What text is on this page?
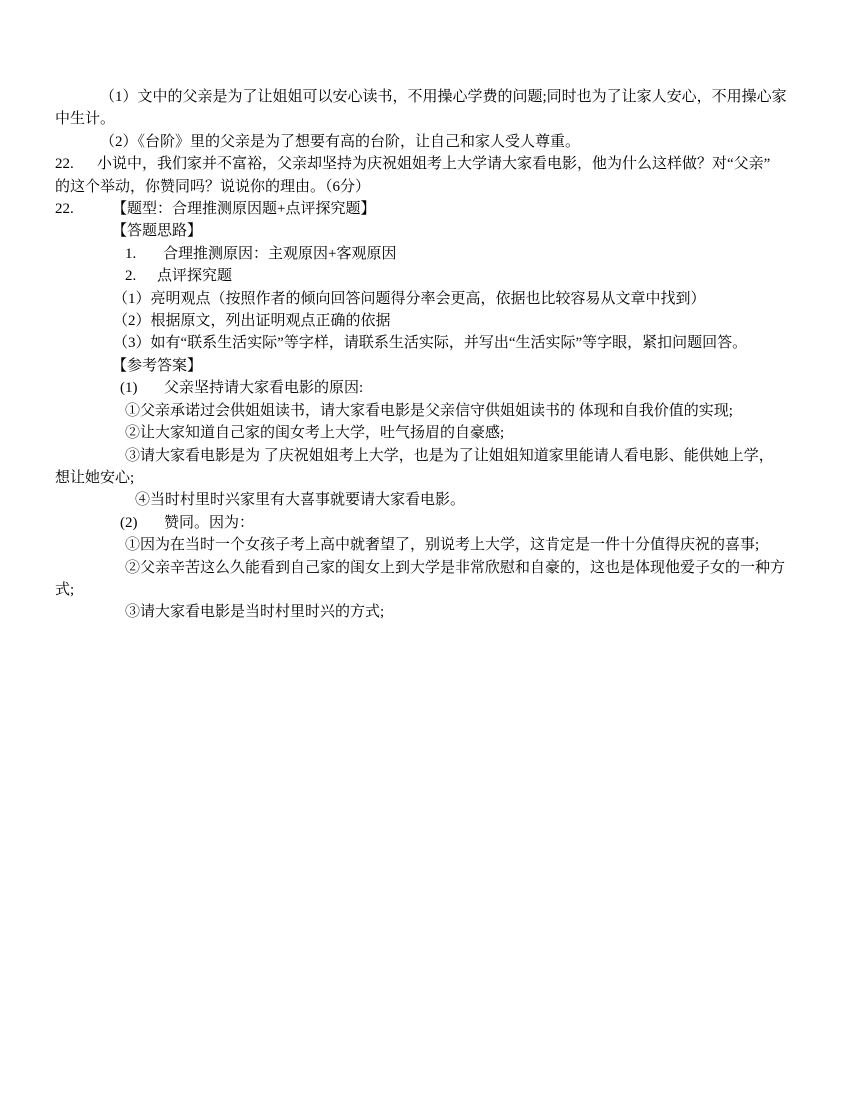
（1）文中的父亲是为了让姐姐可以安心读书，不用操心学费的问题;同时也为了让家人安心，不用操心家
中生计。
（2）《台阶》里的父亲是为了想要有高的台阶，让自己和家人受人尊重。
22. 小说中，我们家并不富裕，父亲却坚持为庆祝姐姐考上大学请大家看电影，他为什么这样做？对“父亲”
的这个举动，你赞同吗？说说你的理由。（6分）
22.	【题型：合理推测原因题+点评探究题】
【答题思路】
1. 合理推测原因：主观原因+客观原因
2. 点评探究题
（1）亮明观点（按照作者的倾向回答问题得分率会更高，依据也比较容易从文章中找到）
（2）根据原文，列出证明观点正确的依据
（3）如有“联系生活实际”等字样，请联系生活实际，并写出“生活实际”等字眼，紧扣问题回答。
【参考答案】
(1) 父亲坚持请大家看电影的原因:
①父亲承诺过会供姐姐读书，请大家看电影是父亲信守供姐姐读书的 体现和自我价值的实现;
②让大家知道自己家的闺女考上大学，吐气扬眉的自豪感;
③请大家看电影是为 了庆祝姐姐考上大学，也是为了让姐姐知道家里能请人看电影、能供她上学，
想让她安心;
④当时村里时兴家里有大喜事就要请大家看电影。
(2) 赞同。因为：
①因为在当时一个女孩子考上高中就奢望了，别说考上大学，这肯定是一件十分值得庆祝的喜事;
②父亲辛苦这么久能看到自己家的闺女上到大学是非常欣慰和自豪的，这也是体现他爱子女的一种方
式;
③请大家看电影是当时村里时兴的方式;
